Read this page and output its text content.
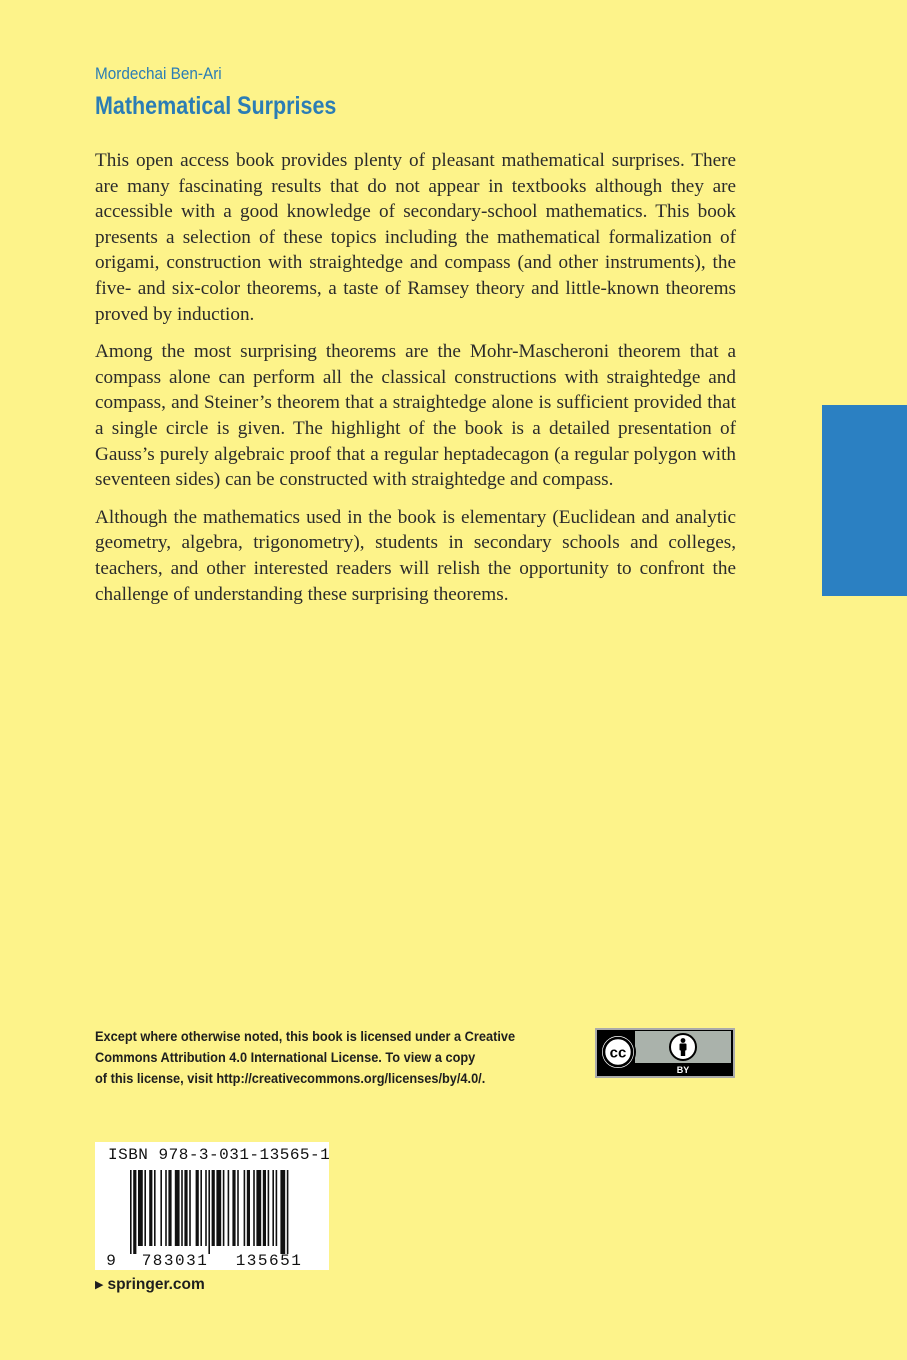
Mordechai Ben-Ari
Mathematical Surprises

This open access book provides plenty of pleasant mathematical surprises. There are many fascinating results that do not appear in textbooks although they are accessible with a good knowledge of secondary-school mathematics. This book presents a selection of these topics including the mathematical formalization of origami, construction with straightedge and compass (and other instruments), the five- and six-color theorems, a taste of Ramsey theory and little-known theorems proved by induction.

Among the most surprising theorems are the Mohr-Mascheroni theorem that a compass alone can perform all the classical constructions with straightedge and compass, and Steiner’s theorem that a straightedge alone is sufficient provided that a single circle is given. The highlight of the book is a detailed presentation of Gauss’s purely algebraic proof that a regular heptadecagon (a regular polygon with seventeen sides) can be constructed with straightedge and compass.

Although the mathematics used in the book is elementary (Euclidean and analytic geometry, algebra, trigonometry), students in secondary schools and colleges, teachers, and other interested readers will relish the opportunity to confront the challenge of understanding these surprising theorems.

Except where otherwise noted, this book is licensed under a Creative
Commons Attribution 4.0 International License. To view a copy
of this license, visit http://creativecommons.org/licenses/by/4.0/.
cc
BY
ISBN 978-3-031-13565-1
9 783031 135651
▶ springer.com
